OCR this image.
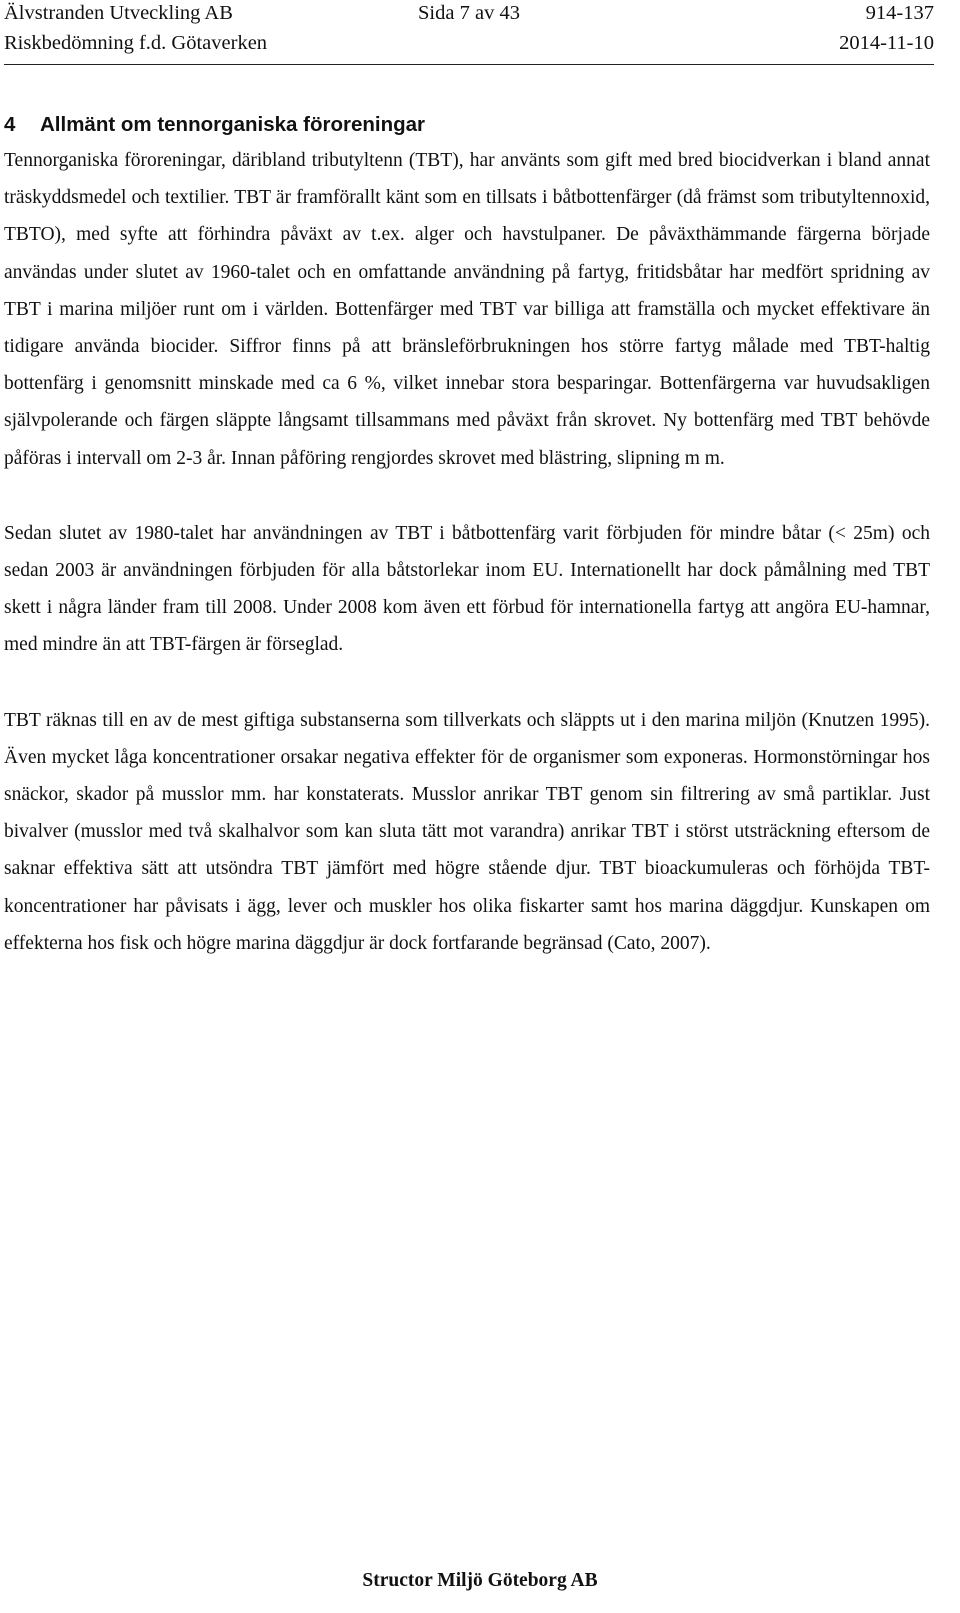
Älvstranden Utveckling AB	Sida 7 av 43	914-137
Riskbedömning f.d. Götaverken	2014-11-10
4 Allmänt om tennorganiska föroreningar

Tennorganiska föroreningar, däribland tributyltenn (TBT), har använts som gift med bred biocidverkan i bland annat träskyddsmedel och textilier. TBT är framförallt känt som en tillsats i båtbottenfärger (då främst som tributyltennoxid, TBTO), med syfte att förhindra påväxt av t.ex. alger och havstulpaner. De påväxthämmande färgerna började användas under slutet av 1960-talet och en omfattande användning på fartyg, fritidsbåtar har medfört spridning av TBT i marina miljöer runt om i världen. Bottenfärger med TBT var billiga att framställa och mycket effektivare än tidigare använda biocider. Siffror finns på att bränsleförbrukningen hos större fartyg målade med TBT-haltig bottenfärg i genomsnitt minskade med ca 6 %, vilket innebar stora besparingar. Bottenfärgerna var huvudsakligen självpolerande och färgen släppte långsamt tillsammans med påväxt från skrovet. Ny bottenfärg med TBT behövde påföras i intervall om 2-3 år. Innan påföring rengjordes skrovet med blästring, slipning m m.

Sedan slutet av 1980-talet har användningen av TBT i båtbottenfärg varit förbjuden för mindre båtar (< 25m) och sedan 2003 är användningen förbjuden för alla båtstorlekar inom EU. Internationellt har dock påmålning med TBT skett i några länder fram till 2008. Under 2008 kom även ett förbud för internationella fartyg att angöra EU-hamnar, med mindre än att TBT-färgen är förseglad.

TBT räknas till en av de mest giftiga substanserna som tillverkats och släppts ut i den marina miljön (Knutzen 1995). Även mycket låga koncentrationer orsakar negativa effekter för de organismer som exponeras. Hormonstörningar hos snäckor, skador på musslor mm. har konstaterats. Musslor anrikar TBT genom sin filtrering av små partiklar. Just bivalver (musslor med två skalhalvor som kan sluta tätt mot varandra) anrikar TBT i störst utsträckning eftersom de saknar effektiva sätt att utsöndra TBT jämfört med högre stående djur. TBT bioackumuleras och förhöjda TBT-koncentrationer har påvisats i ägg, lever och muskler hos olika fiskarter samt hos marina däggdjur. Kunskapen om effekterna hos fisk och högre marina däggdjur är dock fortfarande begränsad (Cato, 2007).

Structor Miljö Göteborg AB
